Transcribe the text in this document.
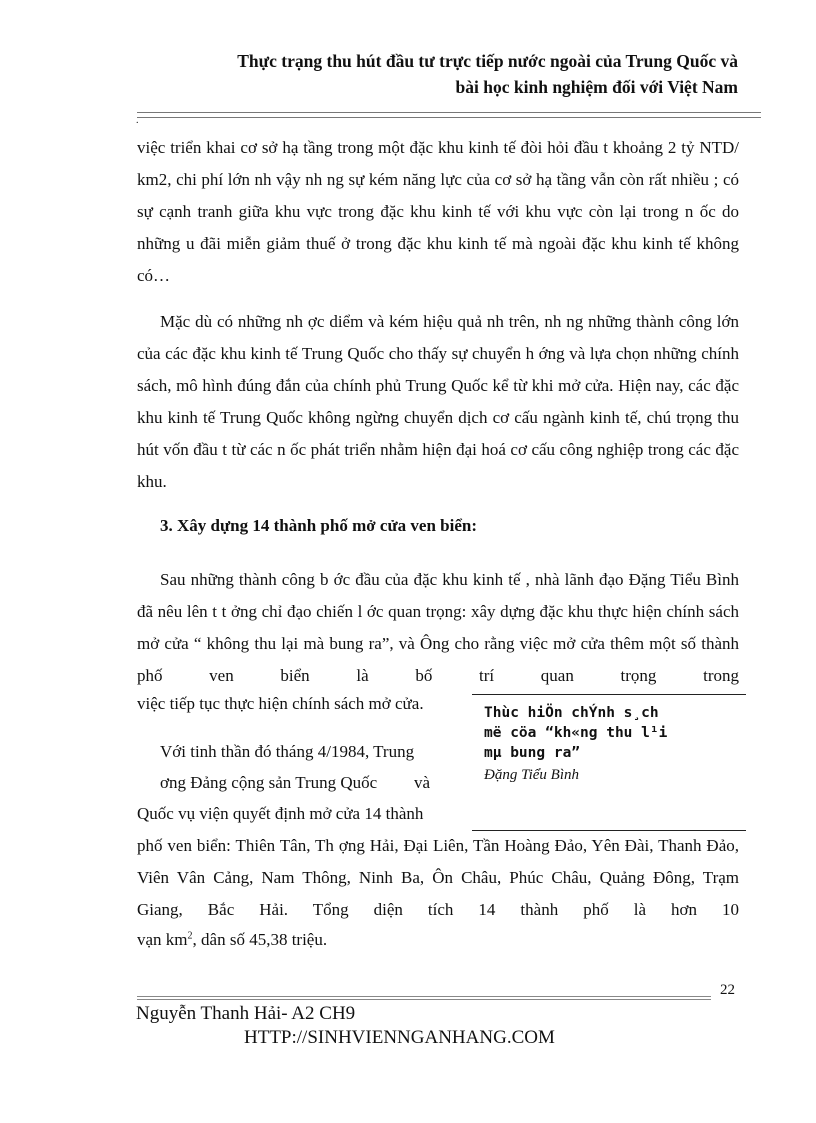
Thực trạng thu hút đầu tư trực tiếp nước ngoài của Trung Quốc và
bài học kinh nghiệm đối với Việt Nam
.

việc triển khai cơ sở hạ tầng trong một đặc khu kinh tế đòi hỏi đầu t khoảng 2 tỷ NTD/ km2, chi phí lớn nh vậy nh ng sự kém năng lực của cơ sở hạ tầng vẫn còn rất nhiều ; có sự cạnh tranh giữa khu vực trong đặc khu kinh tế với khu vực còn lại trong n ốc do những u đãi miễn giảm thuế ở trong đặc khu kinh tế mà ngoài đặc khu kinh tế không có…

Mặc dù có những nh ợc diểm và kém hiệu quả nh trên, nh ng những thành công lớn của các đặc khu kinh tế Trung Quốc cho thấy sự chuyển h ớng và lựa chọn những chính sách, mô hình đúng đắn của chính phủ Trung Quốc kể từ khi mở cửa. Hiện nay, các đặc khu kinh tế Trung Quốc không ngừng chuyển dịch cơ cấu ngành kinh tế, chú trọng thu hút vốn đầu t từ các n ốc phát triển nhằm hiện đại hoá cơ cấu công nghiệp trong các đặc khu.

3. Xây dựng 14 thành phố mở cửa ven biển:

Sau những thành công b ớc đầu của đặc khu kinh tế , nhà lãnh đạo Đặng Tiểu Bình đã nêu lên t t ởng chỉ đạo chiến l ớc quan trọng: xây dựng đặc khu thực hiện chính sách mở cửa “ không thu lại mà bung ra”, và Ông cho rằng việc mở cửa thêm một số thành phố ven biển là bố trí quan trọng trong

việc tiếp tục thực hiện chính sách mở cửa.
Với tinh thần đó tháng 4/1984, Trung
ơng Đảng cộng sản Trung Quốc và
Quốc vụ viện quyết định mở cửa 14 thành

phố ven biển: Thiên Tân, Th ợng Hải, Đại Liên, Tần Hoàng Đảo, Yên Đài, Thanh Đảo, Viên Vân Cảng, Nam Thông, Ninh Ba, Ôn Châu, Phúc Châu, Quảng Đông, Trạm Giang, Bắc Hải. Tổng diện tích 14 thành phố là hơn 10

vạn $km^2$, dân số 45,38 triệu.
Thùc hiÖn chÝnh s¸ch
më cöa “kh«ng thu l¹i
mµ bung ra”
Đặng Tiểu Bình
22
Nguyễn Thanh Hải- A2 CH9
HTTP://SINHVIENNGANHANG.COM
